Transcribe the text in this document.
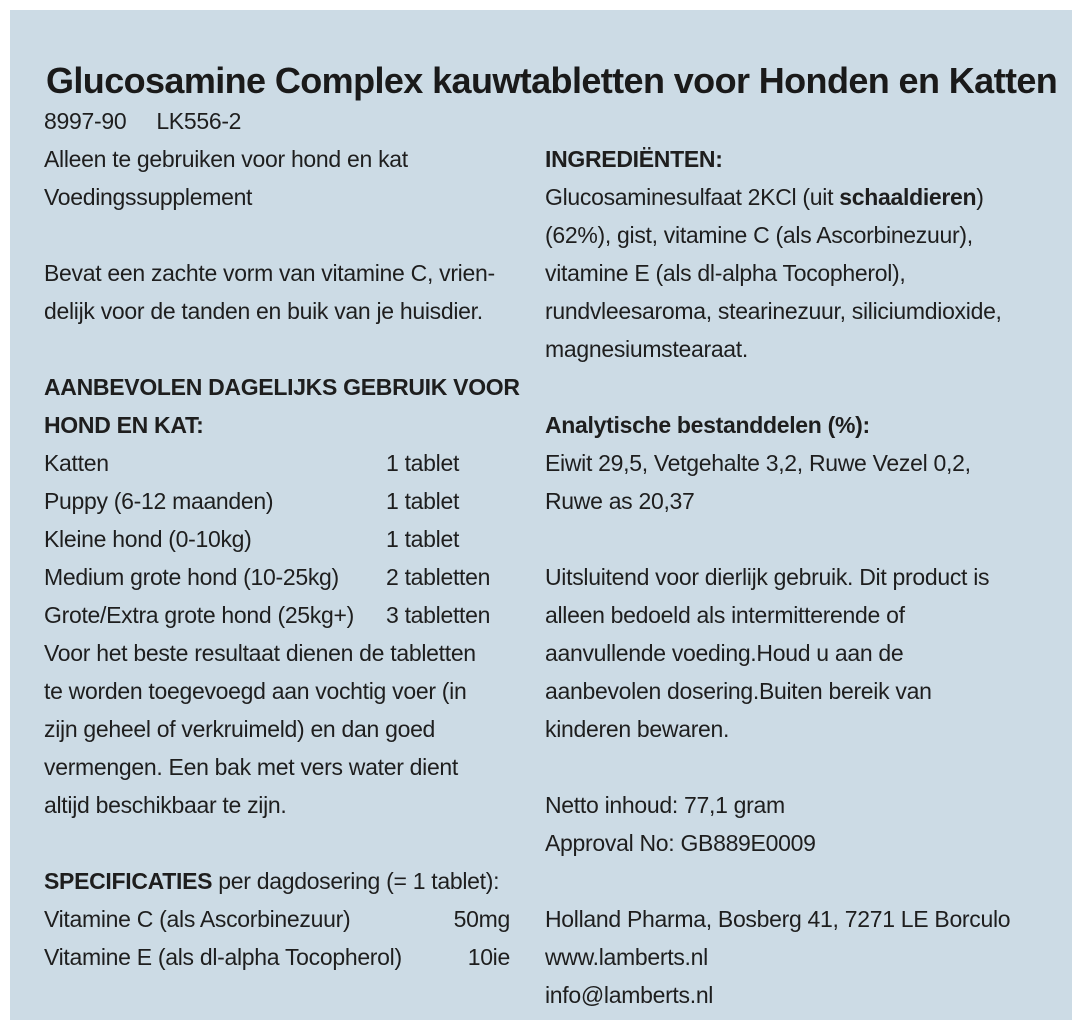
Glucosamine Complex kauwtabletten voor Honden en Katten
8997-90 LK556-2
Alleen te gebruiken voor hond en kat
Voedingssupplement
Bevat een zachte vorm van vitamine C, vrien-
delijk voor de tanden en buik van je huisdier.
AANBEVOLEN DAGELIJKS GEBRUIK VOOR
HOND EN KAT:
Katten	1 tablet
Puppy (6-12 maanden)	1 tablet
Kleine hond (0-10kg)	1 tablet
Medium grote hond (10-25kg)	2 tabletten
Grote/Extra grote hond (25kg+)	3 tabletten
Voor het beste resultaat dienen de tabletten
te worden toegevoegd aan vochtig voer (in
zijn geheel of verkruimeld) en dan goed
vermengen. Een bak met vers water dient
altijd beschikbaar te zijn.
SPECIFICATIES per dagdosering (= 1 tablet):
Vitamine C (als Ascorbinezuur)	50mg
Vitamine E (als dl-alpha Tocopherol)	10ie
INGREDIËNTEN:
Glucosaminesulfaat 2KCl (uit schaaldieren)
(62%), gist, vitamine C (als Ascorbinezuur),
vitamine E (als dl-alpha Tocopherol),
rundvleesaroma, stearinezuur, siliciumdioxide,
magnesiumstearaat.
Analytische bestanddelen (%):
Eiwit 29,5, Vetgehalte 3,2, Ruwe Vezel 0,2,
Ruwe as 20,37
Uitsluitend voor dierlijk gebruik. Dit product is
alleen bedoeld als intermitterende of
aanvullende voeding.Houd u aan de
aanbevolen dosering.Buiten bereik van
kinderen bewaren.
Netto inhoud: 77,1 gram
Approval No: GB889E0009
Holland Pharma, Bosberg 41, 7271 LE Borculo
www.lamberts.nl
info@lamberts.nl
